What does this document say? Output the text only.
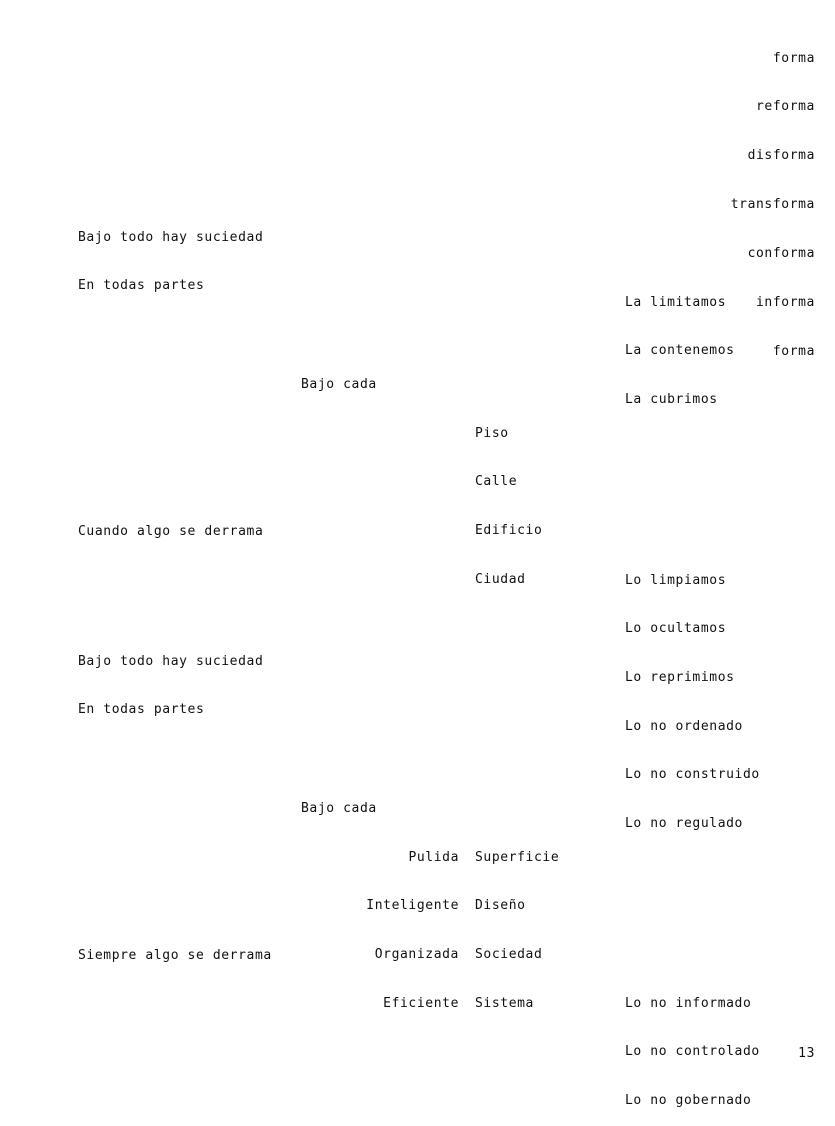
forma

reforma

disforma

transforma

conforma

informa

forma

Bajo todo hay suciedad

En todas partes

La limitamos

La contenemos

La cubrimos

Bajo cada

Piso

Calle

Edificio

Ciudad

Cuando algo se derrama

Lo limpiamos

Lo ocultamos

Lo reprimimos

Bajo todo hay suciedad

En todas partes

Lo no ordenado

Lo no construido

Lo no regulado

Bajo cada

Pulida

Inteligente

Organizada

Eficiente

Superficie

Diseño

Sociedad

Sistema

Siempre algo se derrama

Lo no informado

Lo no controlado

Lo no gobernado

13
